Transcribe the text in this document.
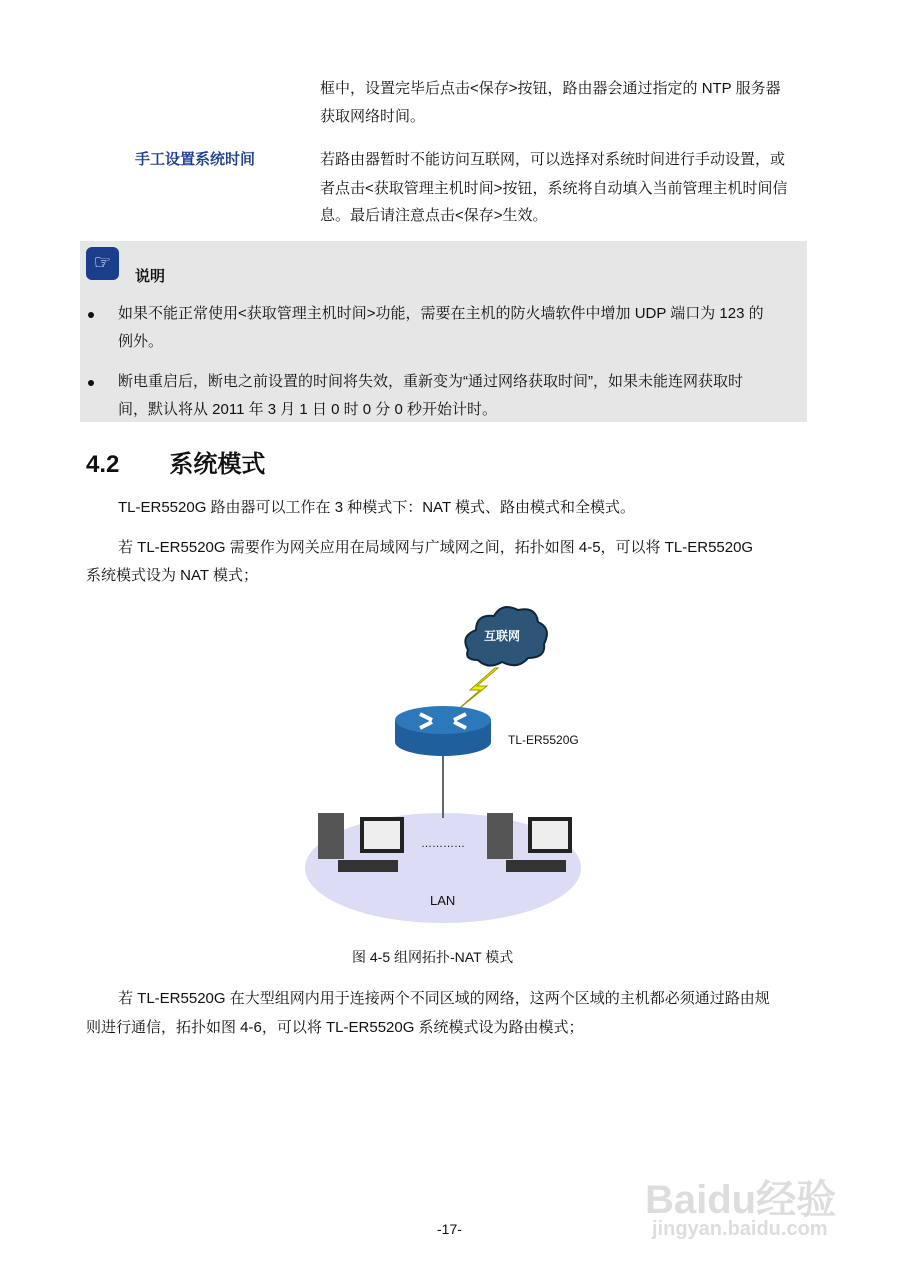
框中，设置完毕后点击<保存>按钮，路由器会通过指定的 NTP 服务器
获取网络时间。
手工设置系统时间	若路由器暂时不能访问互联网，可以选择对系统时间进行手动设置，或
者点击<获取管理主机时间>按钮，系统将自动填入当前管理主机时间信
息。最后请注意点击<保存>生效。
☞
说明
如果不能正常使用<获取管理主机时间>功能，需要在主机的防火墙软件中增加 UDP 端口为 123 的
例外。
断电重启后，断电之前设置的时间将失效，重新变为“通过网络获取时间”，如果未能连网获取时
间，默认将从 2011 年 3 月 1 日 0 时 0 分 0 秒开始计时。
4.2 系统模式
TL-ER5520G 路由器可以工作在 3 种模式下：NAT 模式、路由模式和全模式。
若 TL-ER5520G 需要作为网关应用在局域网与广域网之间，拓扑如图 4-5，可以将 TL-ER5520G
系统模式设为 NAT 模式；
互联网
TL-ER5520G
…………
LAN
图 4-5 组网拓扑-NAT 模式
若 TL-ER5520G 在大型组网内用于连接两个不同区域的网络，这两个区域的主机都必须通过路由规
则进行通信，拓扑如图 4-6，可以将 TL-ER5520G 系统模式设为路由模式；
Baidu经验
jingyan.baidu.com
-17-
